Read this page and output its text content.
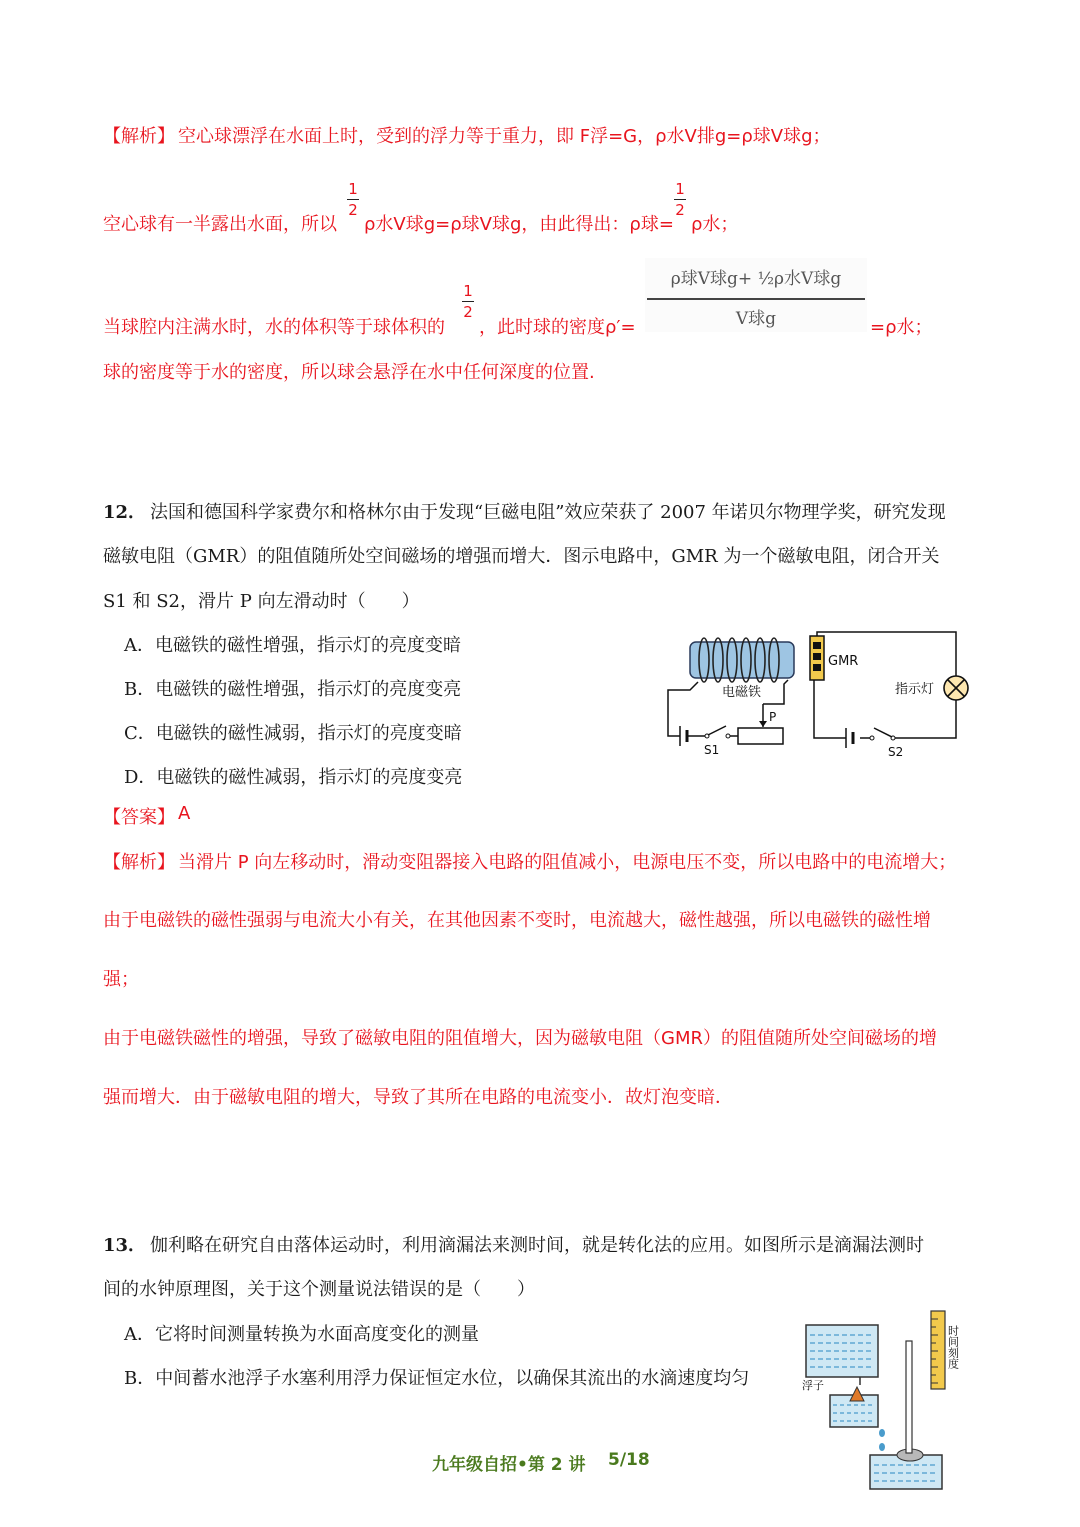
【解析】 空心球漂浮在水面上时，受到的浮力等于重力，即 F浮=G，ρ水V排g=ρ球V球g；
空心球有一半露出水面，所以
1
2
ρ水V球g=ρ球V球g，由此得出：ρ球=
1
2
ρ水；
当球腔内注满水时，水的体积等于球体积的
1
2
，此时球的密度ρ′=
ρ球V球g+ ½ρ水V球g
V球g	=ρ水；
球的密度等于水的密度，所以球会悬浮在水中任何深度的位置.
12． 法国和德国科学家费尔和格林尔由于发现“巨磁电阻”效应荣获了 2007 年诺贝尔物理学奖，研究发现
磁敏电阻（GMR）的阻值随所处空间磁场的增强而增大．图示电路中，GMR 为一个磁敏电阻，闭合开关
S1 和 S2，滑片 P 向左滑动时（　　）
A．电磁铁的磁性增强，指示灯的亮度变暗
B．电磁铁的磁性增强，指示灯的亮度变亮
C．电磁铁的磁性减弱，指示灯的亮度变暗
D．电磁铁的磁性减弱，指示灯的亮度变亮
电磁铁
S1
P
GMR
指示灯
S2
【答案】 A
【解析】 当滑片 P 向左移动时，滑动变阻器接入电路的阻值减小，电源电压不变，所以电路中的电流增大；
由于电磁铁的磁性强弱与电流大小有关，在其他因素不变时，电流越大，磁性越强，所以电磁铁的磁性增
强；
由于电磁铁磁性的增强，导致了磁敏电阻的阻值增大，因为磁敏电阻（GMR）的阻值随所处空间磁场的增
强而增大．由于磁敏电阻的增大，导致了其所在电路的电流变小．故灯泡变暗．
13． 伽利略在研究自由落体运动时，利用滴漏法来测时间，就是转化法的应用。如图所示是滴漏法测时
间的水钟原理图，关于这个测量说法错误的是（　　）
A．它将时间测量转换为水面高度变化的测量
B．中间蓄水池浮子水塞利用浮力保证恒定水位，以确保其流出的水滴速度均匀	浮子
时间刻度
九年级自招•第 2 讲 5/18
